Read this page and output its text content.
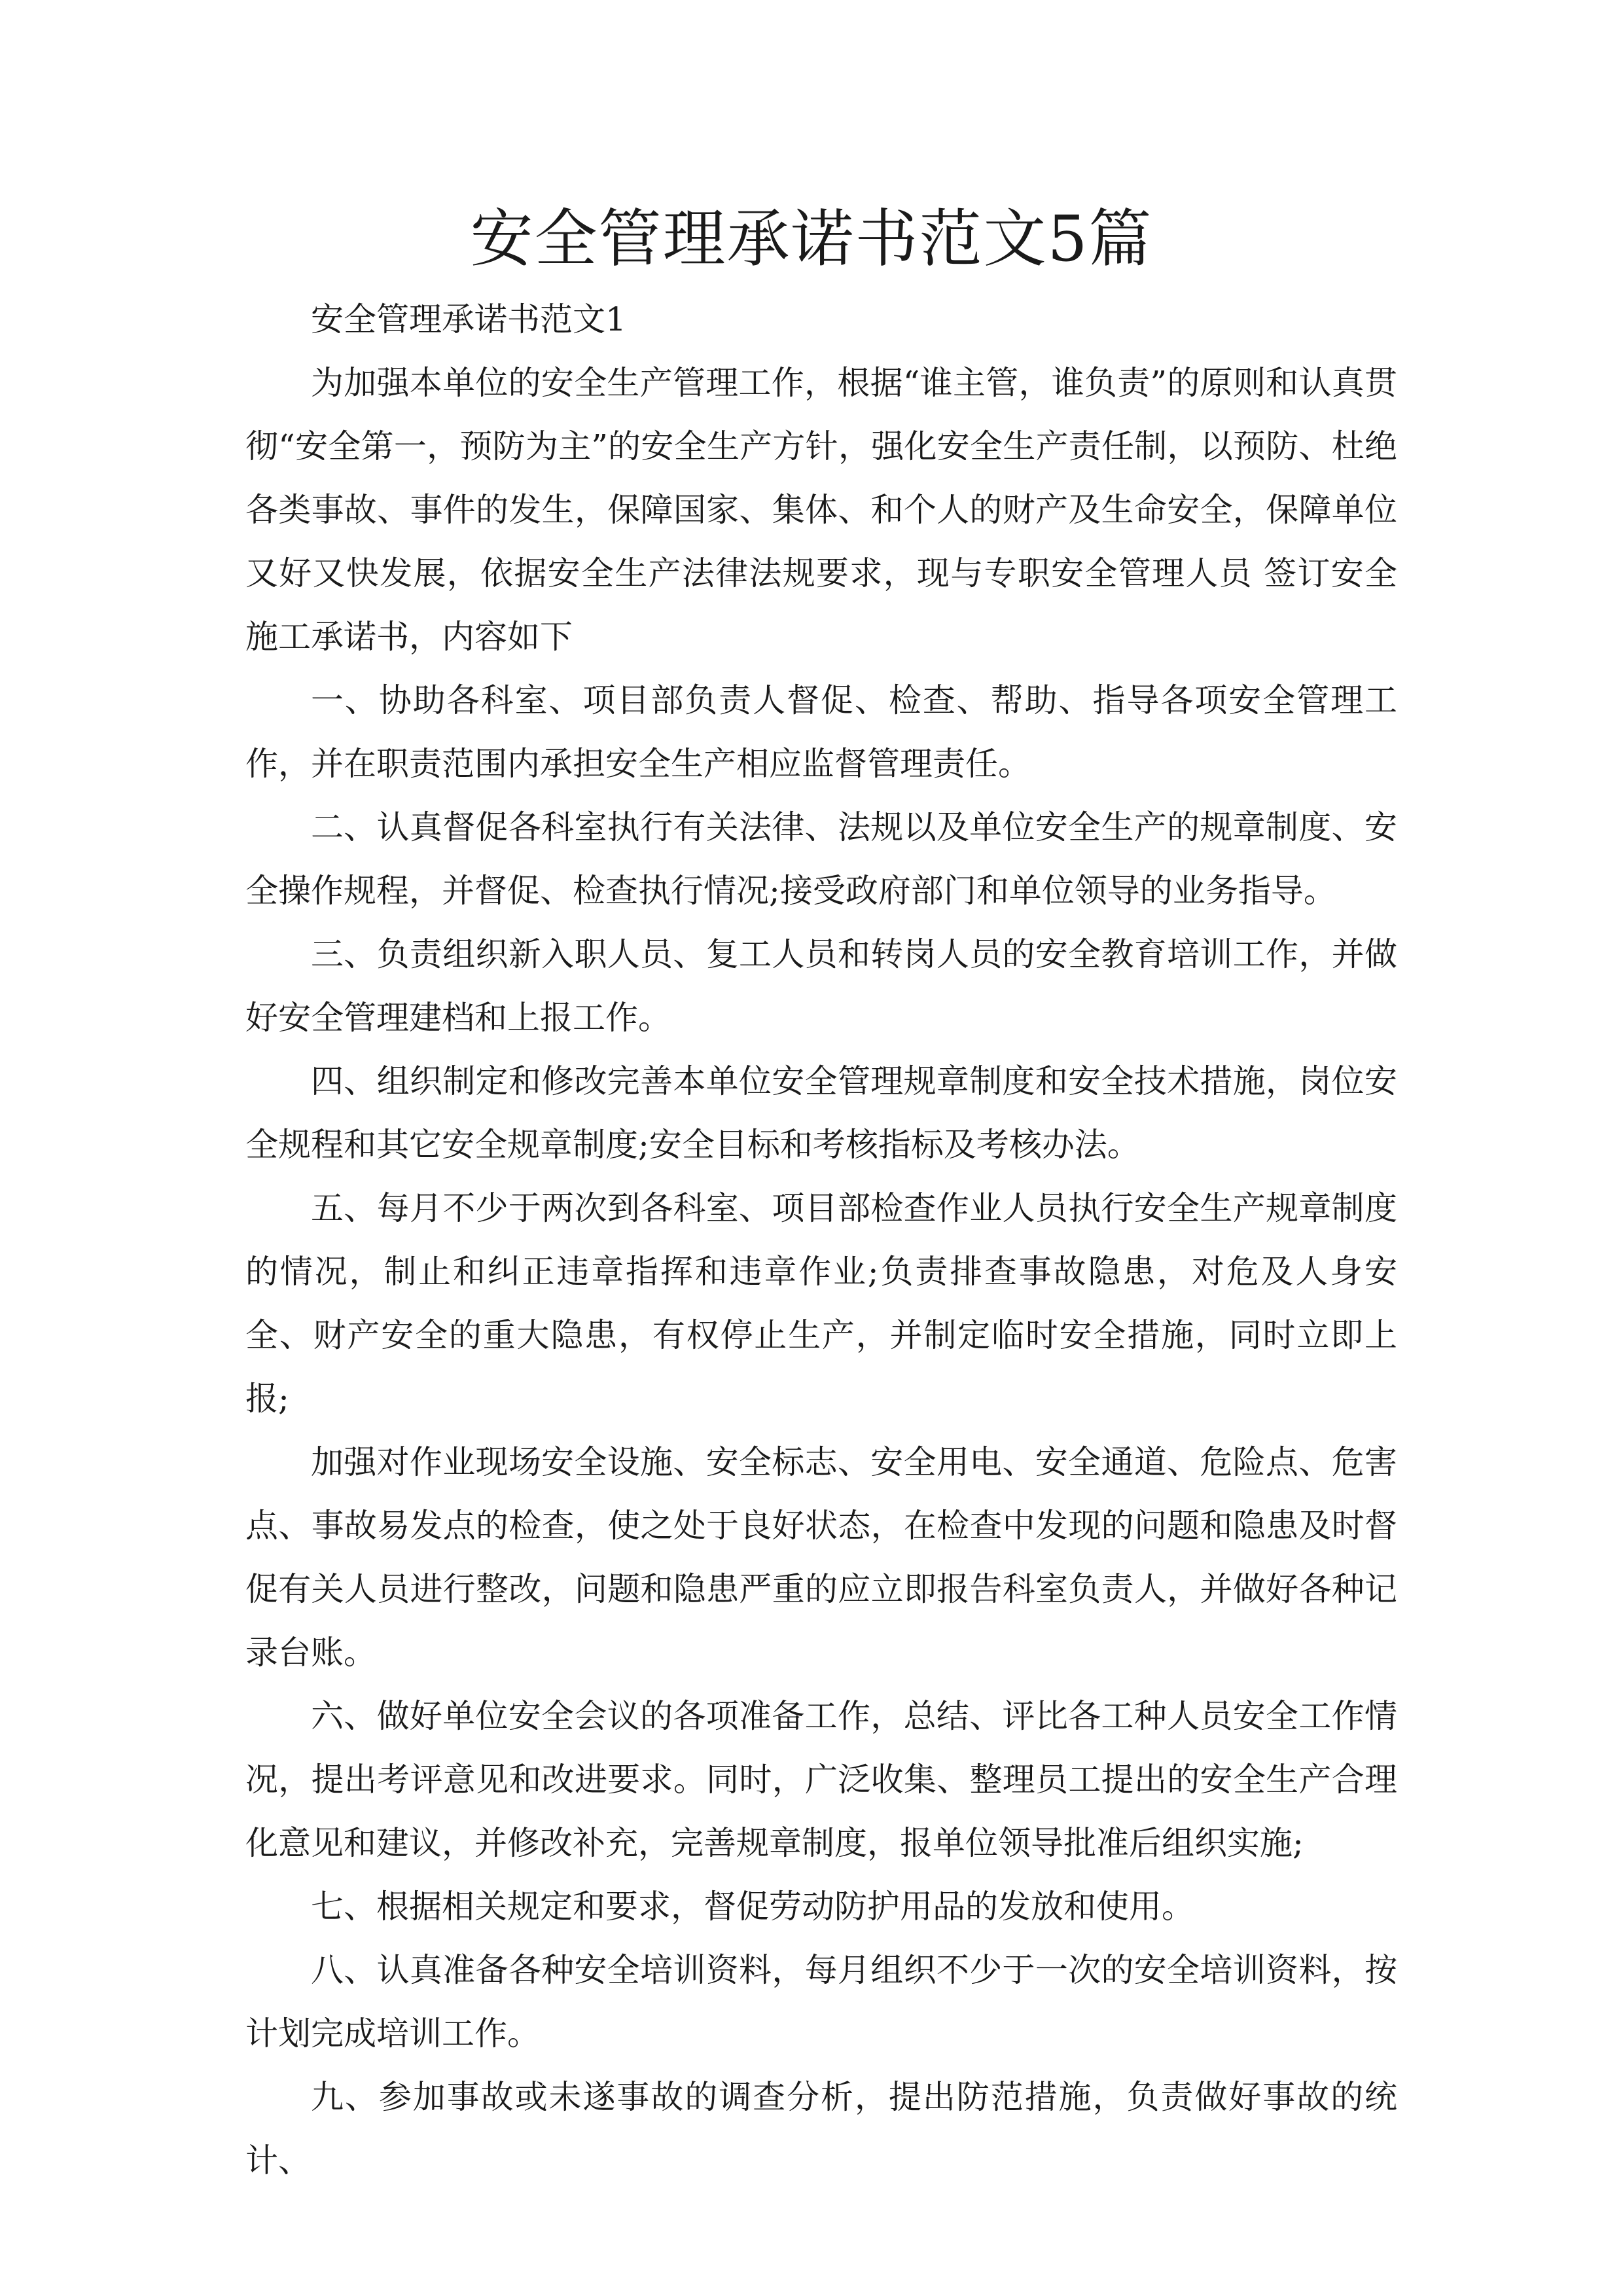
安全管理承诺书范文5篇

安全管理承诺书范文1

为加强本单位的安全生产管理工作，根据“谁主管，谁负责”的原则和认真贯彻“安全第一，预防为主”的安全生产方针，强化安全生产责任制，以预防、杜绝各类事故、事件的发生，保障国家、集体、和个人的财产及生命安全，保障单位又好又快发展，依据安全生产法律法规要求，现与专职安全管理人员 签订安全施工承诺书，内容如下

一、协助各科室、项目部负责人督促、检查、帮助、指导各项安全管理工作，并在职责范围内承担安全生产相应监督管理责任。

二、认真督促各科室执行有关法律、法规以及单位安全生产的规章制度、安全操作规程，并督促、检查执行情况;接受政府部门和单位领导的业务指导。

三、负责组织新入职人员、复工人员和转岗人员的安全教育培训工作，并做好安全管理建档和上报工作。

四、组织制定和修改完善本单位安全管理规章制度和安全技术措施，岗位安全规程和其它安全规章制度;安全目标和考核指标及考核办法。

五、每月不少于两次到各科室、项目部检查作业人员执行安全生产规章制度的情况，制止和纠正违章指挥和违章作业;负责排查事故隐患，对危及人身安全、财产安全的重大隐患，有权停止生产，并制定临时安全措施，同时立即上报;

加强对作业现场安全设施、安全标志、安全用电、安全通道、危险点、危害点、事故易发点的检查，使之处于良好状态，在检查中发现的问题和隐患及时督促有关人员进行整改，问题和隐患严重的应立即报告科室负责人，并做好各种记录台账。

六、做好单位安全会议的各项准备工作，总结、评比各工种人员安全工作情况，提出考评意见和改进要求。同时，广泛收集、整理员工提出的安全生产合理化意见和建议，并修改补充，完善规章制度，报单位领导批准后组织实施;

七、根据相关规定和要求，督促劳动防护用品的发放和使用。

八、认真准备各种安全培训资料，每月组织不少于一次的安全培训资料，按计划完成培训工作。

九、参加事故或未遂事故的调查分析，提出防范措施，负责做好事故的统计、
